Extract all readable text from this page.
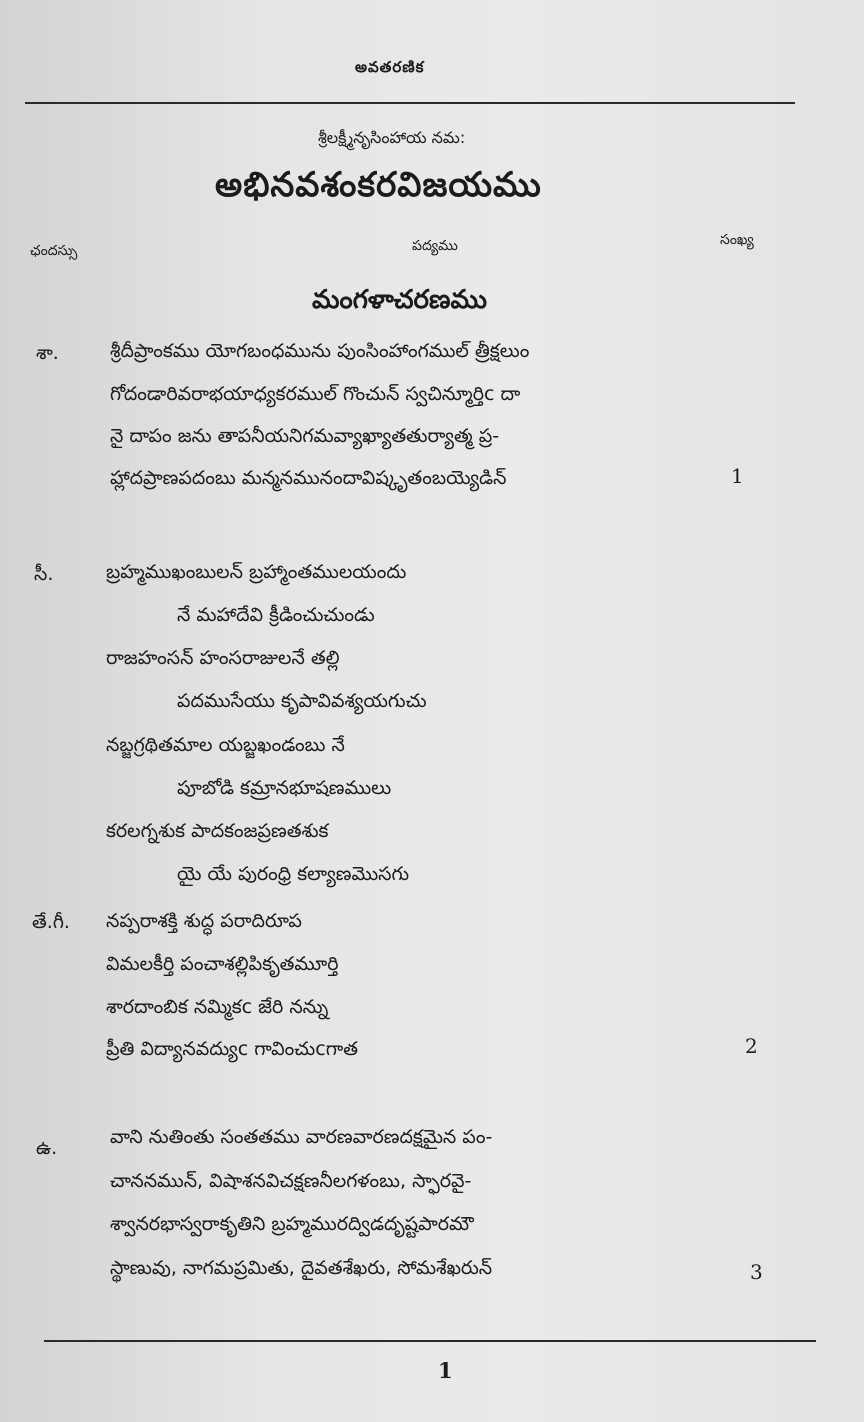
అవతరణిక
శ్రీలక్ష్మీనృసింహాయ నమ:
అభినవశంకరవిజయము
ఛందస్సు	పద్యము	సంఖ్య
మంగళాచరణము
శా.	శ్రీదీప్రాంకము యోగబంధమును పుంసింహాంగముల్ త్రీక్షలుం
గోదండారివరాభయాధ్యకరముల్ గొంచున్ స్వచిన్మూర్తిc దా
నై దాపం జను తాపనీయనిగమవ్యాఖ్యాతతుర్యాత్మ ప్ర-
హ్లాదప్రాణపదంబు మన్మనమునందావిష్కృతంబయ్యెడిన్	1
సీ.	బ్రహ్మముఖంబులన్ బ్రహ్మాంతములయందు
నే మహాదేవి క్రీడించుచుండు
రాజహంసన్ హంసరాజులనే తల్లి
పదముసేయు కృపావివశ్యయగుచు
నబ్జగ్రథితమాల యబ్జఖండంబు నే
పూబోడి కమ్రానభూషణములు
కరలగ్నశుక పాదకంజప్రణతశుక
యై యే పురంధ్రి కల్యాణమొసగు
తే.గీ. నప్పరాశక్తి శుద్ధ పరాదిరూప
విమలకీర్తి పంచాశల్లిపికృతమూర్తి
శారదాంబిక నమ్మికc జేరి నన్ను
ప్రీతి విద్యానవద్యుc గావించుcగాత	2
ఉ.	వాని నుతింతు సంతతము వారణవారణదక్షమైన పం-
చాననమున్, విషాశనవిచక్షణనీలగళంబు, స్ఫారవై-
శ్వానరభాస్వరాకృతిని బ్రహ్మమురద్విడదృష్టపారమౌ
స్థాణువు, నాగమప్రమితు, దైవతశేఖరు, సోమశేఖరున్	3
1
